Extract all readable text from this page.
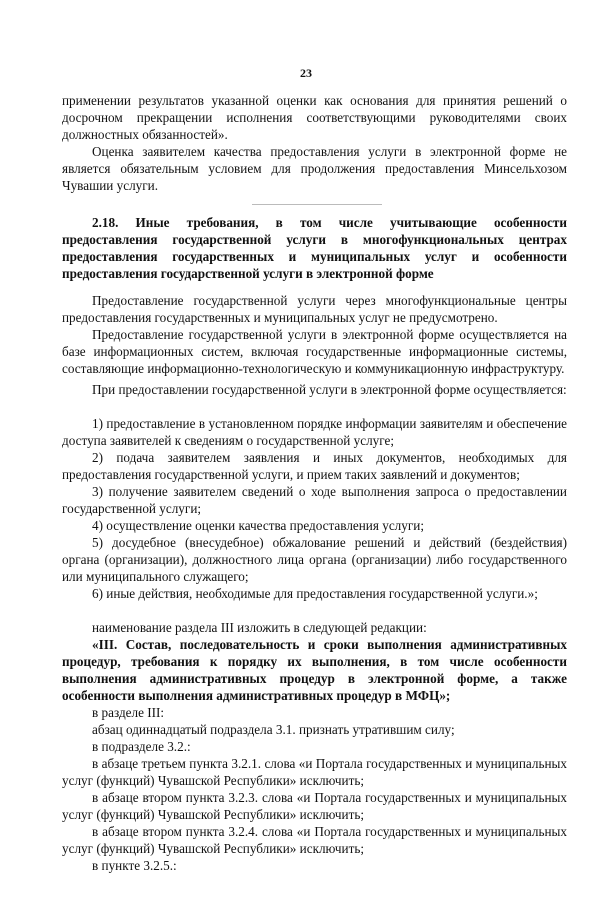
23

применении результатов указанной оценки как основания для принятия решений о досрочном прекращении исполнения соответствующими руководителями своих должностных обязанностей».

Оценка заявителем качества предоставления услуги в электронной форме не является обязательным условием для продолжения предоставления Минсельхозом Чувашии услуги.

2.18. Иные требования, в том числе учитывающие особенности предоставления государственной услуги в многофункциональных центрах предоставления государственных и муниципальных услуг и особенности предоставления государственной услуги в электронной форме

Предоставление государственной услуги через многофункциональные центры предоставления государственных и муниципальных услуг не предусмотрено.

Предоставление государственной услуги в электронной форме осуществляется на базе информационных систем, включая государственные информационные системы, составляющие информационно-технологическую и коммуникационную инфраструктуру.

При предоставлении государственной услуги в электронной форме осуществляется:

1) предоставление в установленном порядке информации заявителям и обеспечение доступа заявителей к сведениям о государственной услуге;

2) подача заявителем заявления и иных документов, необходимых для предоставления государственной услуги, и прием таких заявлений и документов;

3) получение заявителем сведений о ходе выполнения запроса о предоставлении государственной услуги;

4) осуществление оценки качества предоставления услуги;

5) досудебное (внесудебное) обжалование решений и действий (бездействия) органа (организации), должностного лица органа (организации) либо государственного или муниципального служащего;

6) иные действия, необходимые для предоставления государственной услуги.»;

наименование раздела III изложить в следующей редакции:

«III. Состав, последовательность и сроки выполнения административных процедур, требования к порядку их выполнения, в том числе особенности выполнения административных процедур в электронной форме, а также особенности выполнения административных процедур в МФЦ»;

в разделе III:

абзац одиннадцатый подраздела 3.1. признать утратившим силу;

в подразделе 3.2.:

в абзаце третьем пункта 3.2.1. слова «и Портала государственных и муниципальных услуг (функций) Чувашской Республики» исключить;

в абзаце втором пункта 3.2.3. слова «и Портала государственных и муниципальных услуг (функций) Чувашской Республики» исключить;

в абзаце втором пункта 3.2.4. слова «и Портала государственных и муниципальных услуг (функций) Чувашской Республики» исключить;

в пункте 3.2.5.:
